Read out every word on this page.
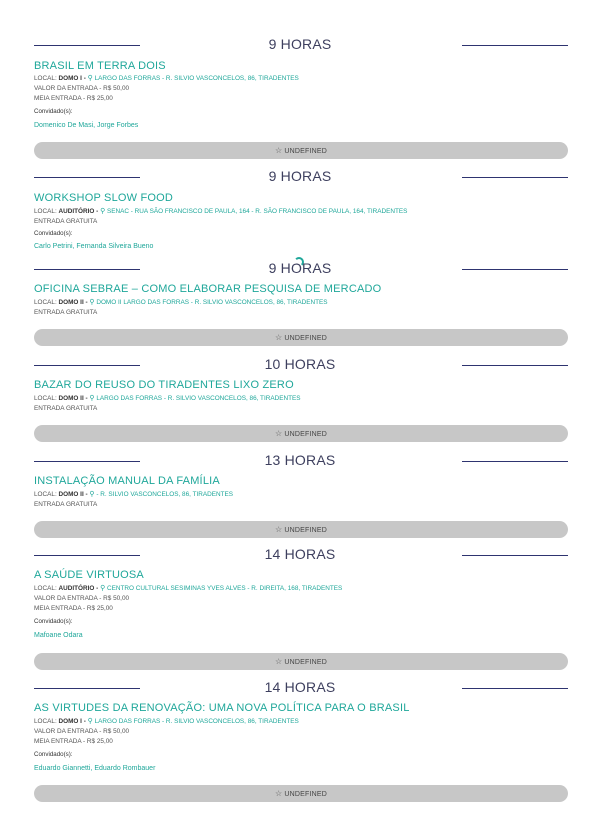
9 HORAS
BRASIL EM TERRA DOIS
LOCAL: DOMO I - ⚲ LARGO DAS FORRAS - R. SILVIO VASCONCELOS, 86, TIRADENTES
VALOR DA ENTRADA - R$ 50,00
MEIA ENTRADA - R$ 25,00
Convidado(s):
Domenico De Masi, Jorge Forbes
☆ UNDEFINED
9 HORAS
WORKSHOP SLOW FOOD
LOCAL: AUDITÓRIO - ⚲ SENAC - RUA SÃO FRANCISCO DE PAULA, 164 - R. SÃO FRANCISCO DE PAULA, 164, TIRADENTES
ENTRADA GRATUITA
Convidado(s):
Carlo Petrini, Fernanda Silveira Bueno
9 HORAS
OFICINA SEBRAE – COMO ELABORAR PESQUISA DE MERCADO
LOCAL: DOMO II - ⚲ DOMO II LARGO DAS FORRAS - R. SILVIO VASCONCELOS, 86, TIRADENTES
ENTRADA GRATUITA
☆ UNDEFINED
10 HORAS
BAZAR DO REUSO DO TIRADENTES LIXO ZERO
LOCAL: DOMO II - ⚲ LARGO DAS FORRAS - R. SILVIO VASCONCELOS, 86, TIRADENTES
ENTRADA GRATUITA
☆ UNDEFINED
13 HORAS
INSTALAÇÃO MANUAL DA FAMÍLIA
LOCAL: DOMO II - ⚲ - R. SILVIO VASCONCELOS, 86, TIRADENTES
ENTRADA GRATUITA
☆ UNDEFINED
14 HORAS
A SAÚDE VIRTUOSA
LOCAL: AUDITÓRIO - ⚲ CENTRO CULTURAL SESIMINAS YVES ALVES - R. DIREITA, 168, TIRADENTES
VALOR DA ENTRADA - R$ 50,00
MEIA ENTRADA - R$ 25,00
Convidado(s):
Mafoane Odara
☆ UNDEFINED
14 HORAS
AS VIRTUDES DA RENOVAÇÃO: UMA NOVA POLÍTICA PARA O BRASIL
LOCAL: DOMO I - ⚲ LARGO DAS FORRAS - R. SILVIO VASCONCELOS, 86, TIRADENTES
VALOR DA ENTRADA - R$ 50,00
MEIA ENTRADA - R$ 25,00
Convidado(s):
Eduardo Giannetti, Eduardo Rombauer
☆ UNDEFINED
